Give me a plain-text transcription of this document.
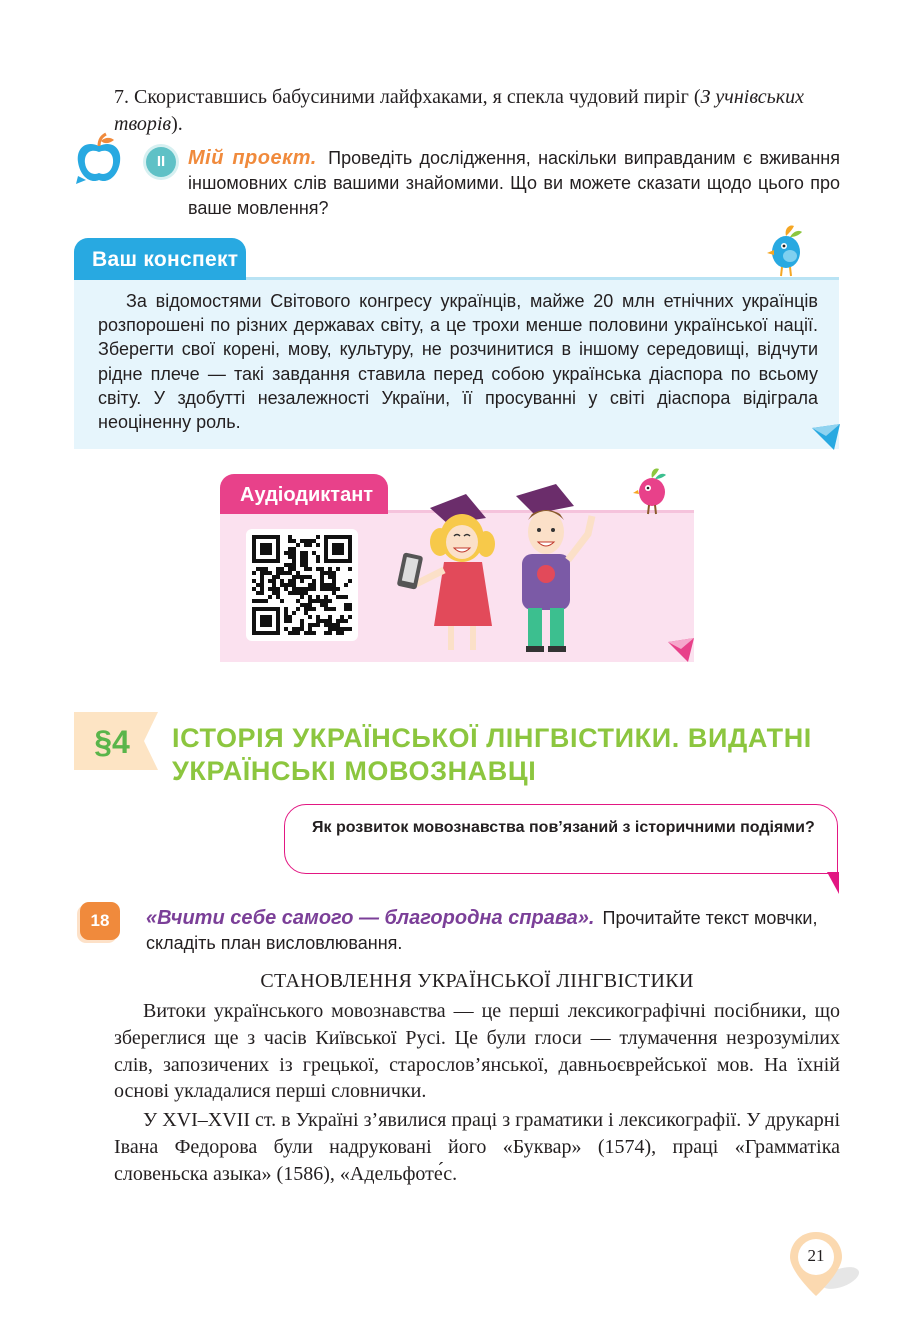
7. Скориставшись бабусиними лайфхаками, я спекла чудовий пиріг (З учнівських творів).
II	Мій проект. Проведіть дослідження, наскільки виправданим є вживання іншомовних слів вашими знайомими. Що ви можете сказати щодо цього про ваше мовлення?
Ваш конспект
За відомостями Світового конгресу українців, майже 20 млн етнічних українців розпорошені по різних державах світу, а це трохи менше половини української нації. Зберегти свої корені, мову, культуру, не розчинитися в іншому середовищі, відчути рідне плече — такі завдання ставила перед собою українська діаспора по всьому світу. У здобутті незалежності України, її просуванні у світі діаспора відіграла неоціненну роль.
Аудіодиктант
§4	ІСТОРІЯ УКРАЇНСЬКОЇ ЛІНГВІСТИКИ. ВИДАТНІ УКРАЇНСЬКІ МОВОЗНАВЦІ
Як розвиток мовознавства пов’язаний з історичними подіями?
18	«Вчити себе самого — благородна справа». Прочитайте текст мовчки, складіть план висловлювання.
СТАНОВЛЕННЯ УКРАЇНСЬКОЇ ЛІНГВІСТИКИ

Витоки українського мовознавства — це перші лексикографічні посібники, що збереглися ще з часів Київської Русі. Це були глоси — тлумачення незрозумілих слів, запозичених із грецької, старослов’янської, давньоєврейської мов. На їхній основі укладалися перші словнички.

У XVI–XVII ст. в Україні з’явилися праці з граматики і лексикографії. У друкарні Івана Федорова були надруковані його «Буквар» (1574), праці «Грамматіка словеньска азыка» (1586), «Адельфоте́с.

21
